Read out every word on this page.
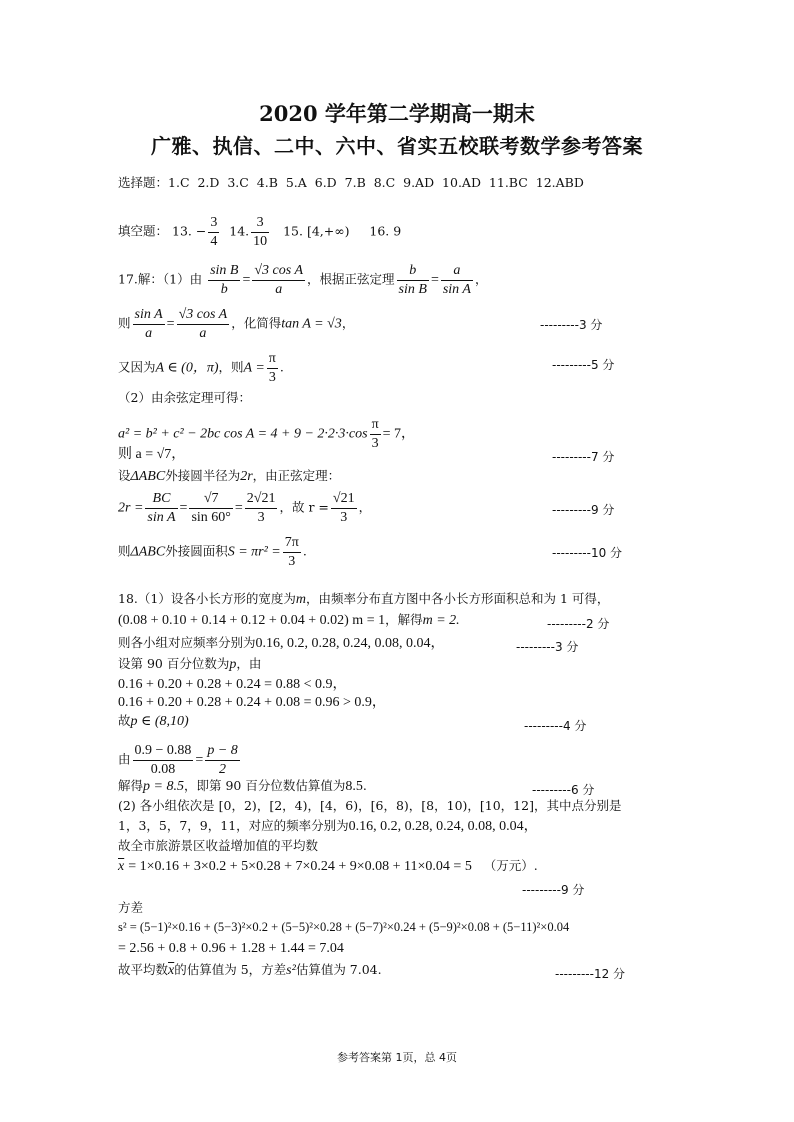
2020 学年第二学期高一期末
广雅、执信、二中、六中、省实五校联考数学参考答案
选择题：1.C  2.D  3.C  4.B  5.A  6.D  7.B  8.C  9.AD  10.AD  11.BC  12.ABD
填空题： 13. − $\frac{3}{4} 14$. $\frac{3}{10} 15$. [4,+∞) 16. 9
17.解：（1）由 $\frac{\text{sin B}}{b} = \frac{\text{√3 cos A}}{a}$ ，根据正弦定理 $\frac{b}{\text{sin B}} = \frac{a}{\text{sin A}}$ ，
则 $\frac{\text{sin A}}{a} = \frac{\text{√3 cos A}}{a}$ ，化简得tan A = √3，	---------3 分
又因为A ∈ (0，π)，则$A = \frac{\pi}{3}$ .	---------5 分
（2）由余弦定理可得：
a² = b² + c² − 2bc $\cos A = 4 + 9 - 2\cdot 2\cdot 3\cdot\cos \frac{\pi}{3} = 7$，
则 a = √7，	---------7 分
设ΔABC外接圆半径为2r，由正弦定理：
$2r = \frac{BC}{\text{sin A}} = \frac{√7}{\sin 60^\circ} = \frac{2√21}{3}$ ，故 $r = \frac{√21}{3}$ ，	---------9 分
则ΔABC外接圆面积$S = \pi r^2 = \frac{7\pi}{3}$ .	---------10 分
18.（1）设各小长方形的宽度为m，由频率分布直方图中各小长方形面积总和为 1 可得，
(0.08 + 0.10 + 0.14 + 0.12 + 0.04 + 0.02) m = 1，解得m = 2.	---------2 分
则各小组对应频率分别为0.16, 0.2, 0.28, 0.24, 0.08, 0.04，	---------3 分
设第 90 百分位数为p，由
0.16 + 0.20 + 0.28 + 0.24 = 0.88 < 0.9，
0.16 + 0.20 + 0.28 + 0.24 + 0.08 = 0.96 > 0.9，
故p ∈ (8,10)	---------4 分
由 $\frac{0.9 - 0.88}{0.08} = \frac{p - 8}{2}$
解得p = 8.5，即第 90 百分位数估算值为8.5.	---------6 分
(2) 各小组依次是 [0，2)，[2，4)，[4，6)，[6，8)，[8，10)，[10，12]，其中点分别是
1，3，5，7，9，11，对应的频率分别为0.16, 0.2, 0.28, 0.24, 0.08, 0.04，
故全市旅游景区收益增加值的平均数
$\overline{x} = 1\times 0.16 + 3\times 0.2 + 5\times 0.28 + 7\times 0.24 + 9\times 0.08 + 11\times 0.04 = 5$ （万元）.
---------9 分
方差
s² = (5−1)²×0.16 + (5−3)²×0.2 + (5−5)²×0.28 + (5−7)²×0.24 + (5−9)²×0.08 + (5−11)²×0.04
= 2.56 + 0.8 + 0.96 + 1.28 + 1.44 = 7.04
故平均数$\overline{x}$的估算值为 5，方差s²估算值为 7.04.	---------12 分
参考答案第 1页，总 4页
